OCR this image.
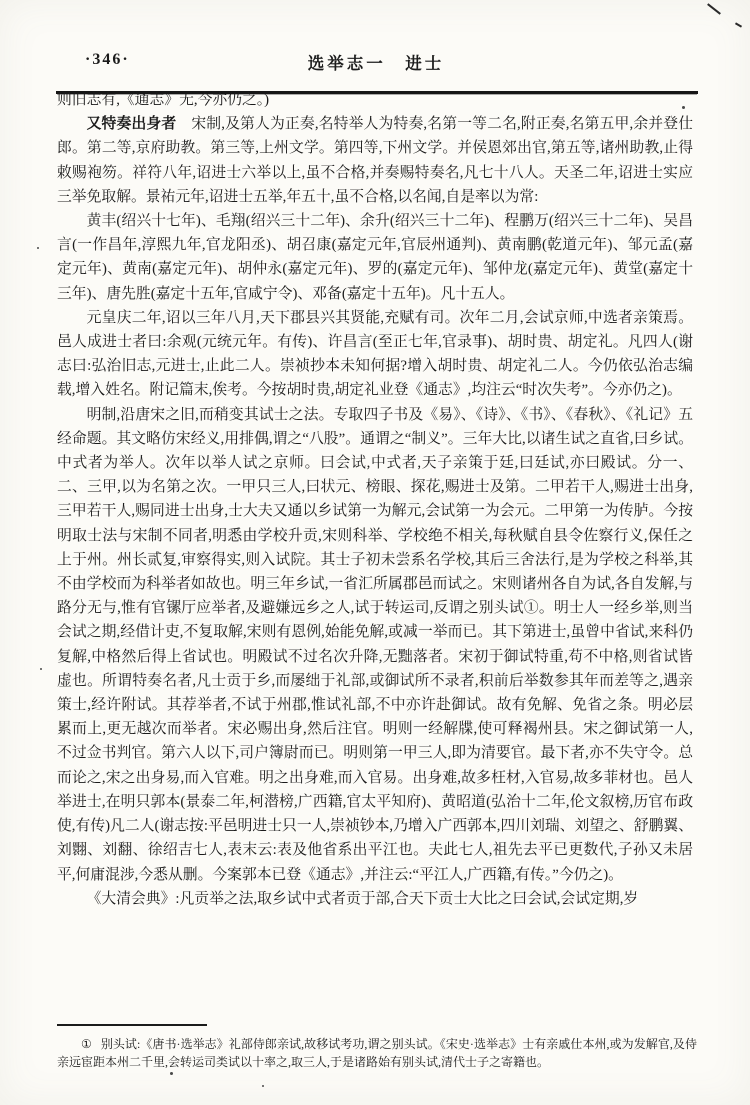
·346·	选举志一　进士

则旧志有,《通志》无,今亦仍之。)

又特奏出身者　宋制,及第人为正奏,名特举人为特奏,名第一等二名,附正奏,名第五甲,余并登仕郎。第二等,京府助教。第三等,上州文学。第四等,下州文学。并侯恩郊出官,第五等,诸州助教,止得敕赐袍笏。祥符八年,诏进士六举以上,虽不合格,并奏赐特奏名,凡七十八人。天圣二年,诏进士实应三举免取解。景祐元年,诏进士五举,年五十,虽不合格,以名闻,自是率以为常:

黄丰(绍兴十七年)、毛翔(绍兴三十二年)、余升(绍兴三十二年)、程鹏万(绍兴三十二年)、吴昌言(一作昌年,淳熙九年,官龙阳丞)、胡召康(嘉定元年,官辰州通判)、黄南鹏(乾道元年)、邹元孟(嘉定元年)、黄南(嘉定元年)、胡仲永(嘉定元年)、罗的(嘉定元年)、邹仲龙(嘉定元年)、黄堂(嘉定十三年)、唐先胜(嘉定十五年,官咸宁令)、邓备(嘉定十五年)。凡十五人。

元皇庆二年,诏以三年八月,天下郡县兴其贤能,充赋有司。次年二月,会试京师,中选者亲策焉。邑人成进士者曰:余观(元统元年。有传)、许昌言(至正七年,官录事)、胡时贵、胡定礼。凡四人(谢志曰:弘治旧志,元进士,止此二人。崇祯抄本未知何据?增入胡时贵、胡定礼二人。今仍依弘治志编载,增入姓名。附记篇末,俟考。今按胡时贵,胡定礼业登《通志》,均注云“时次失考”。今亦仍之)。

明制,沿唐宋之旧,而稍变其试士之法。专取四子书及《易》、《诗》、《书》、《春秋》、《礼记》五经命题。其文略仿宋经义,用排偶,谓之“八股”。通谓之“制义”。三年大比,以诸生试之直省,曰乡试。中式者为举人。次年以举人试之京师。曰会试,中式者,天子亲策于廷,曰廷试,亦曰殿试。分一、二、三甲,以为名第之次。一甲只三人,曰状元、榜眼、探花,赐进士及第。二甲若干人,赐进士出身,三甲若干人,赐同进士出身,士大夫又通以乡试第一为解元,会试第一为会元。二甲第一为传胪。今按明取士法与宋制不同者,明悉由学校升贡,宋则科举、学校绝不相关,每秋赋自县令佐察行义,保任之上于州。州长贰复,审察得实,则入试院。其士子初未尝系名学校,其后三舍法行,是为学校之科举,其不由学校而为科举者如故也。明三年乡试,一省汇所属郡邑而试之。宋则诸州各自为试,各自发解,与路分无与,惟有官镙厅应举者,及避嫌远乡之人,试于转运司,反谓之别头试①。明士人一经乡举,则当会试之期,经借计吏,不复取解,宋则有恩例,始能免解,或减一举而已。其下第进士,虽曾中省试,来科仍复解,中格然后得上省试也。明殿试不过名次升降,无黜落者。宋初于御试特重,苟不中格,则省试皆虚也。所谓特奏名者,凡士贡于乡,而屡绌于礼部,或御试所不录者,积前后举数参其年而差等之,遇亲策士,经许附试。其荐举者,不试于州郡,惟试礼部,不中亦许赴御试。故有免解、免省之条。明必层累而上,更无越次而举者。宋必赐出身,然后注官。明则一经解牒,使可释褐州县。宋之御试第一人,不过佥书判官。第六人以下,司户簿尉而已。明则第一甲三人,即为清要官。最下者,亦不失守令。总而论之,宋之出身易,而入官难。明之出身难,而入官易。出身难,故多枉材,入官易,故多菲材也。邑人举进士,在明只郭本(景泰二年,柯潜榜,广西籍,官太平知府)、黄昭道(弘治十二年,伦文叙榜,历官布政使,有传)凡二人(谢志按:平邑明进士只一人,崇祯钞本,乃增入广西郭本,四川刘瑞、刘望之、舒鹏翼、刘翾、刘翻、徐绍吉七人,表末云:表及他省系出平江也。夫此七人,祖先去平已更数代,子孙又未居平,何庸混涉,今悉从删。今案郭本已登《通志》,并注云:“平江人,广西籍,有传。”今仍之)。

《大清会典》:凡贡举之法,取乡试中式者贡于部,合天下贡士大比之曰会试,会试定期,岁

① 别头试:《唐书·选举志》礼部侍郎亲试,故移试考功,谓之别头试。《宋史·选举志》士有亲戚仕本州,或为发解官,及侍亲远宦距本州二千里,会转运司类试以十率之,取三人,于是诸路始有别头试,清代士子之寄籍也。
